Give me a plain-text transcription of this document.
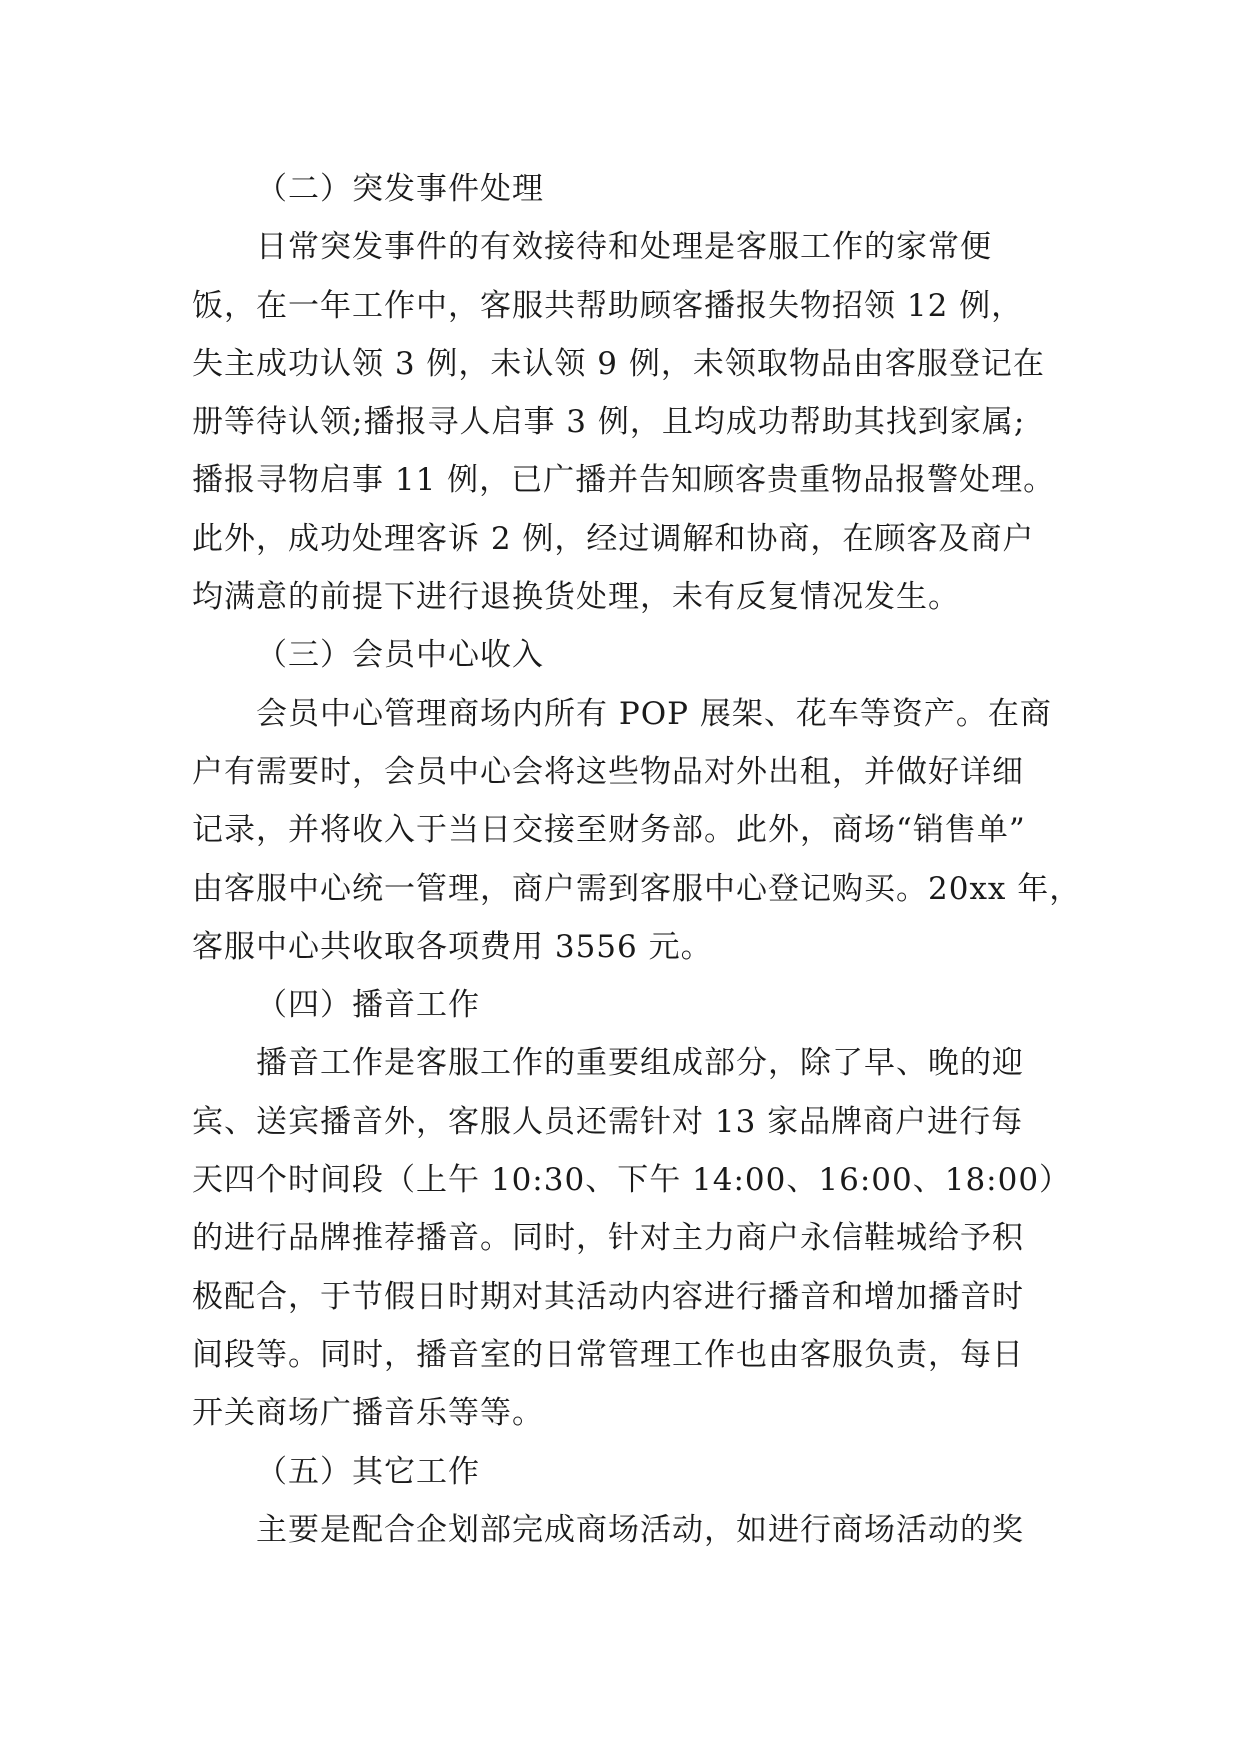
（二）突发事件处理
日常突发事件的有效接待和处理是客服工作的家常便
饭，在一年工作中，客服共帮助顾客播报失物招领 12 例，
失主成功认领 3 例，未认领 9 例，未领取物品由客服登记在
册等待认领;播报寻人启事 3 例，且均成功帮助其找到家属;
播报寻物启事 11 例，已广播并告知顾客贵重物品报警处理。
此外，成功处理客诉 2 例，经过调解和协商，在顾客及商户
均满意的前提下进行退换货处理，未有反复情况发生。
（三）会员中心收入
会员中心管理商场内所有 POP 展架、花车等资产。在商
户有需要时，会员中心会将这些物品对外出租，并做好详细
记录，并将收入于当日交接至财务部。此外，商场“销售单”
由客服中心统一管理，商户需到客服中心登记购买。20xx 年，
客服中心共收取各项费用 3556 元。
（四）播音工作
播音工作是客服工作的重要组成部分，除了早、晚的迎
宾、送宾播音外，客服人员还需针对 13 家品牌商户进行每
天四个时间段（上午 10:30、下午 14:00、16:00、18:00）
的进行品牌推荐播音。同时，针对主力商户永信鞋城给予积
极配合，于节假日时期对其活动内容进行播音和增加播音时
间段等。同时，播音室的日常管理工作也由客服负责，每日
开关商场广播音乐等等。
（五）其它工作
主要是配合企划部完成商场活动，如进行商场活动的奖
